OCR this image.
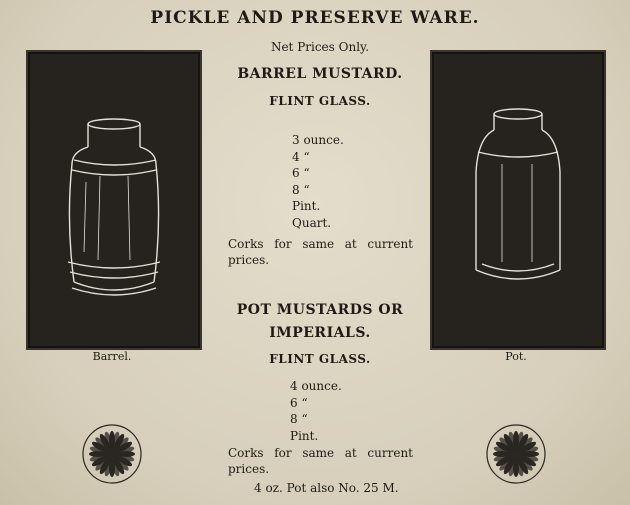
PICKLE AND PRESERVE WARE.
Net Prices Only.
BARREL MUSTARD.
FLINT GLASS.
3 ounce.
4 “
6 “
8 “
Pint.
Quart.
Corks for same at current prices.
POT MUSTARDS OR
IMPERIALS.
FLINT GLASS.
4 ounce.
6 “
8 “
Pint.
Corks for same at current prices.
4 oz. Pot also No. 25 M.
Barrel.	Pot.
